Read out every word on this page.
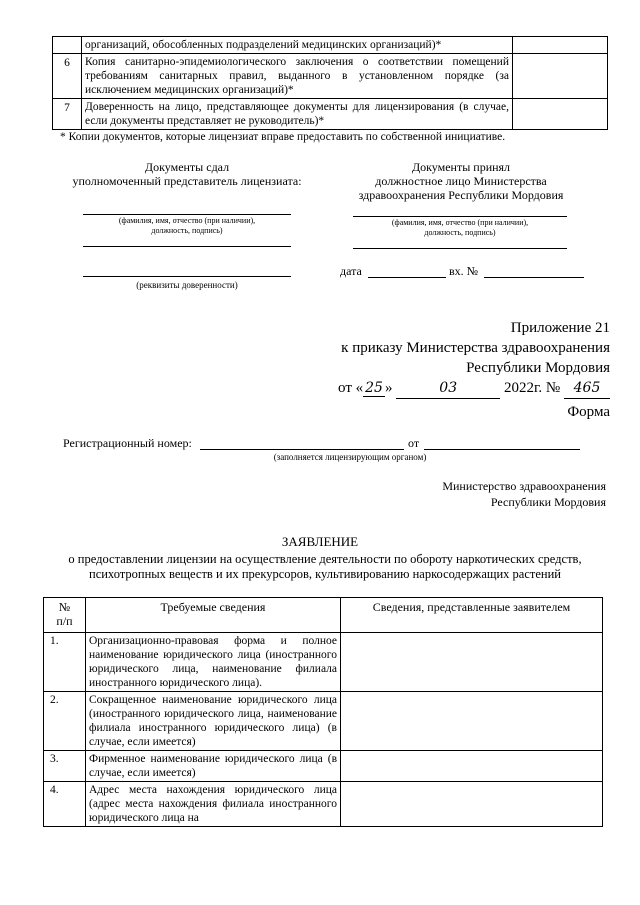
	организаций, обособленных подразделений медицинских организаций)*	
6	Копия санитарно-эпидемиологического заключения о соответствии помещений требованиям санитарных правил, выданного в установленном порядке (за исключением медицинских организаций)*	
7	Доверенность на лицо, представляющее документы для лицензирования (в случае, если документы представляет не руководитель)*	
* Копии документов, которые лицензиат вправе предоставить по собственной инициативе.
Документы сдал
уполномоченный представитель лицензиата:
(фамилия, имя, отчество (при наличии),
должность, подпись)
(реквизиты доверенности)
Документы принял
должностное лицо Министерства
здравоохранения Республики Мордовия
(фамилия, имя, отчество (при наличии),
должность, подпись)
дата	вх. №
Приложение 21
к приказу Министерства здравоохранения
Республики Мордовия
от « 25 »	03	2022г. № 465
Форма
Регистрационный номер:	от
(заполняется лицензирующим органом)
Министерство здравоохранения
Республики Мордовия
ЗАЯВЛЕНИЕ
о предоставлении лицензии на осуществление деятельности по обороту наркотических средств, психотропных веществ и их прекурсоров, культивированию наркосодержащих растений
№
п/п	Требуемые сведения	Сведения, представленные заявителем
1.	Организационно-правовая форма и полное наименование юридического лица (иностранного юридического лица, наименование филиала иностранного юридического лица).	
2.	Сокращенное наименование юридического лица (иностранного юридического лица, наименование филиала иностранного юридического лица) (в случае, если имеется)	
3.	Фирменное наименование юридического лица (в случае, если имеется)	
4.	Адрес места нахождения юридического лица (адрес места нахождения филиала иностранного юридического лица на	
